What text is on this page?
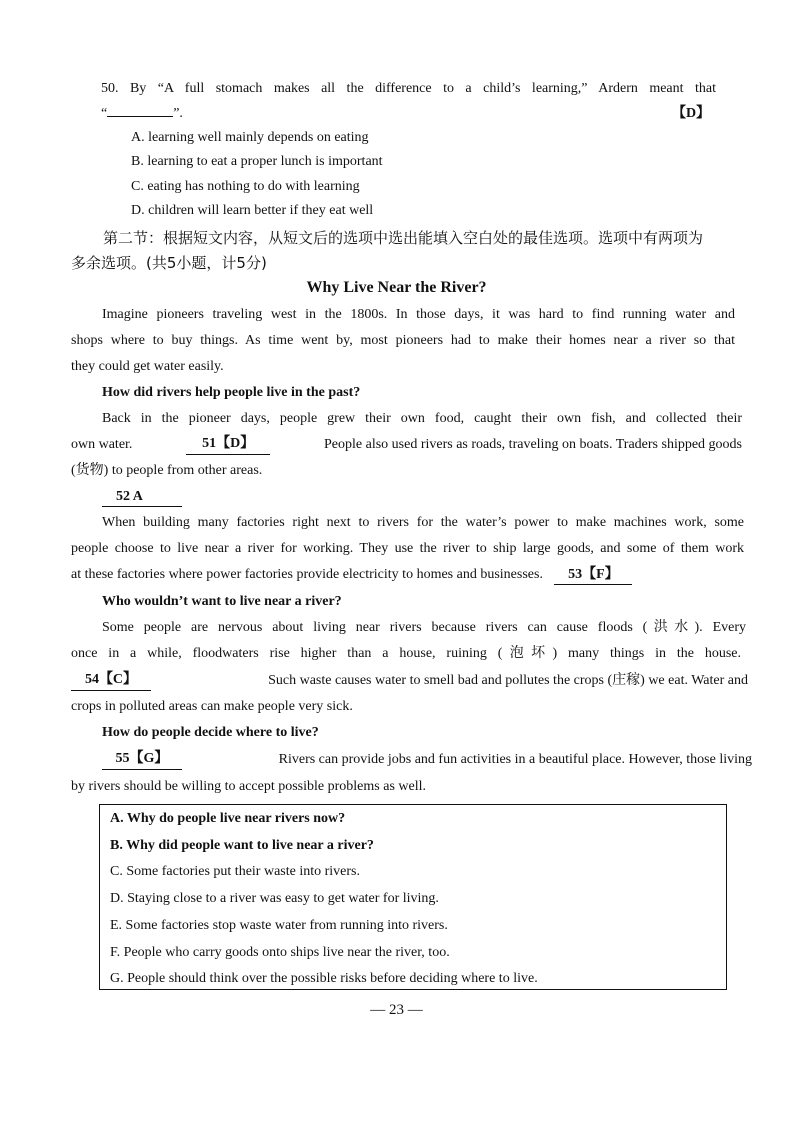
50. By “A full stomach makes all the difference to a child’s learning,” Ardern meant that
“	”.	【D】
A. learning well mainly depends on eating
B. learning to eat a proper lunch is important
C. eating has nothing to do with learning
D. children will learn better if they eat well
第二节：根据短文内容，从短文后的选项中选出能填入空白处的最佳选项。选项中有两项为
多余选项。(共5小题，计5分)
Why Live Near the River?
Imagine pioneers traveling west in the 1800s. In those days, it was hard to find running water and
shops where to buy things. As time went by, most pioneers had to make their homes near a river so that
they could get water easily.
How did rivers help people live in the past?
Back in the pioneer days, people grew their own food, caught their own fish, and collected their
own water.	51【D】	People also used rivers as roads, traveling on boats. Traders shipped goods
(货物) to people from other areas.
52 A
When building many factories right next to rivers for the water’s power to make machines work, some
people choose to live near a river for working. They use the river to ship large goods, and some of them work
at these factories where power factories provide electricity to homes and businesses. 53【F】
Who wouldn’t want to live near a river?
Some people are nervous about living near rivers because rivers can cause floods (洪水). Every
once in a while, floodwaters rise higher than a house, ruining (泡坏) many things in the house.
54【C】	Such waste causes water to smell bad and pollutes the crops (庄稼) we eat. Water and
crops in polluted areas can make people very sick.
How do people decide where to live?
55【G】	Rivers can provide jobs and fun activities in a beautiful place. However, those living
by rivers should be willing to accept possible problems as well.
A. Why do people live near rivers now?
B. Why did people want to live near a river?
C. Some factories put their waste into rivers.
D. Staying close to a river was easy to get water for living.
E. Some factories stop waste water from running into rivers.
F. People who carry goods onto ships live near the river, too.
G. People should think over the possible risks before deciding where to live.
— 23 —
